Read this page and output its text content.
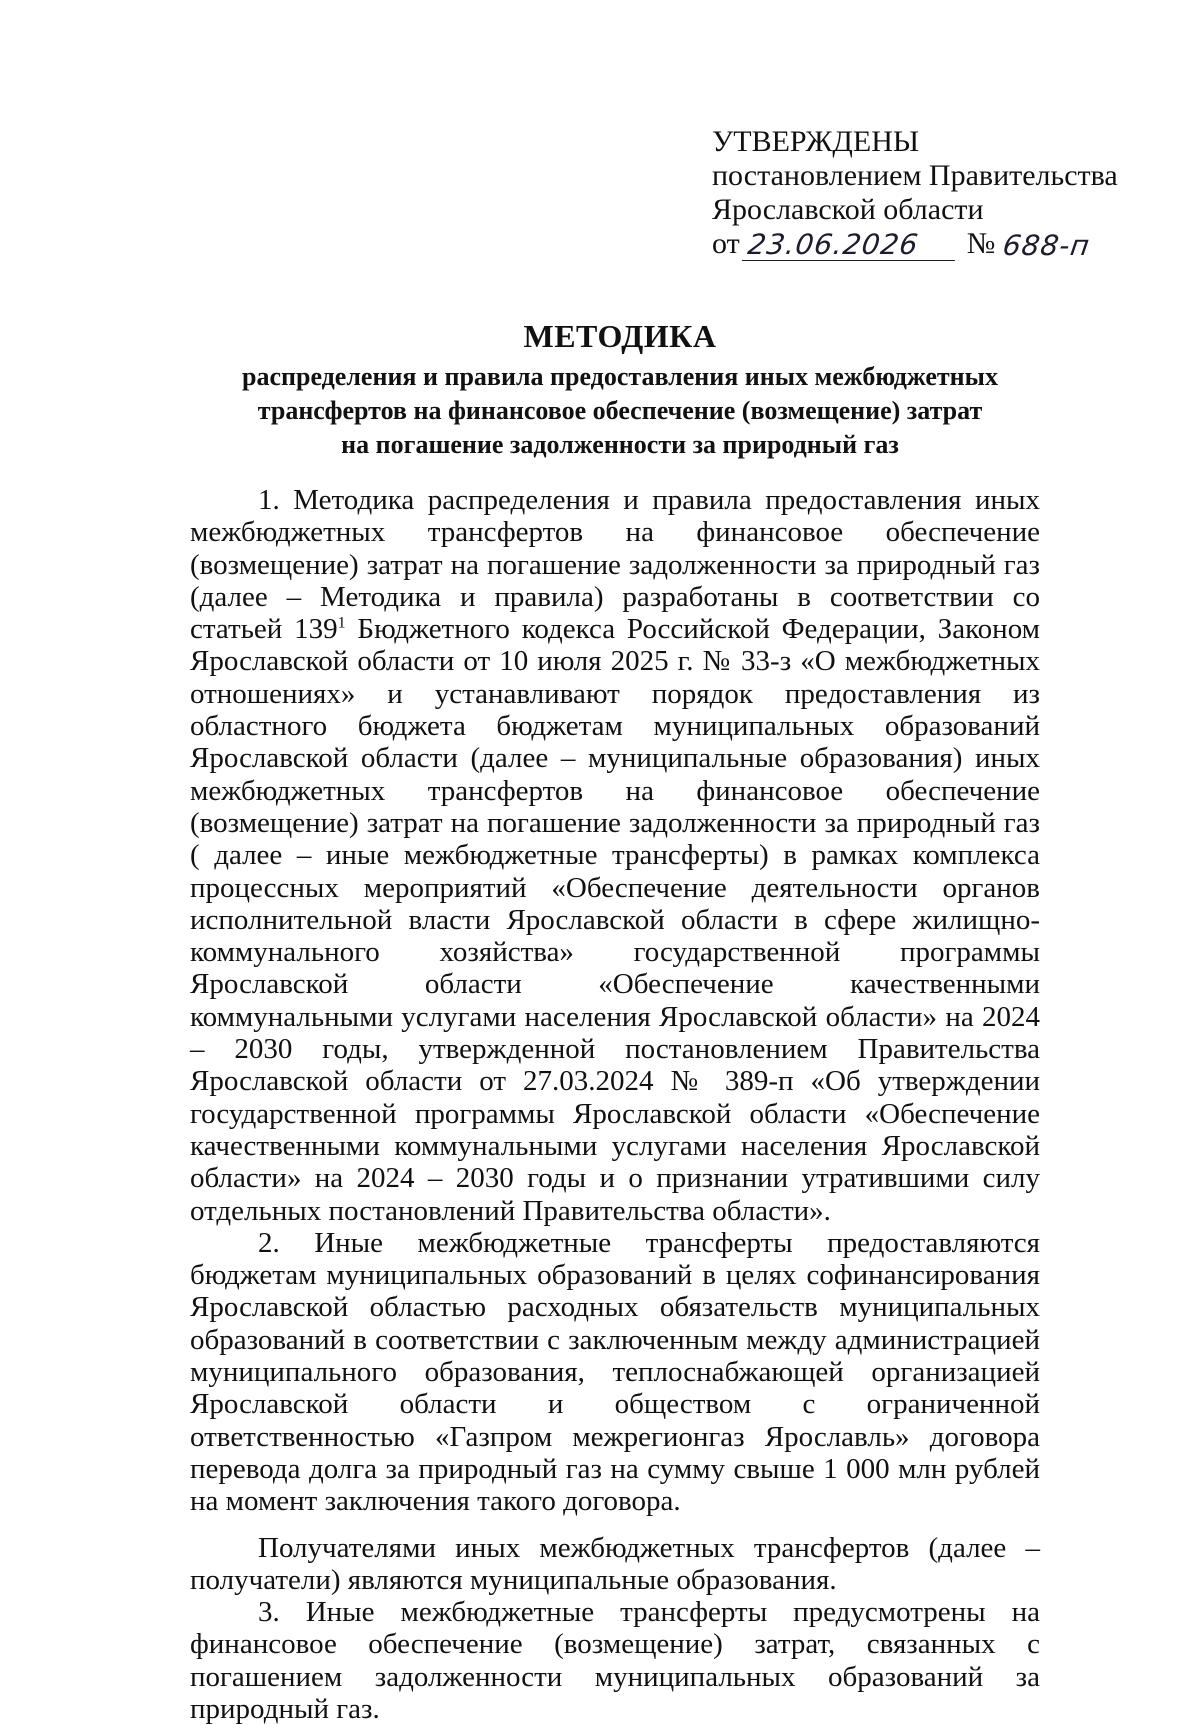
УТВЕРЖДЕНЫ
постановлением Правительства
Ярославской области
от 23.06.2026	№ 688-п
МЕТОДИКА
распределения и правила предоставления иных межбюджетных
трансфертов на финансовое обеспечение (возмещение) затрат
на погашение задолженности за природный газ

1. Методика распределения и правила предоставления иных межбюджетных трансфертов на финансовое обеспечение (возмещение) затрат на погашение задолженности за природный газ (далее – Методика и правила) разработаны в соответствии со статьей $139^1$ Бюджетного кодекса Российской Федерации, Законом Ярославской области от 10 июля 2025 г. № 33-з «О межбюджетных отношениях» и устанавливают порядок предоставления из областного бюджета бюджетам муниципальных образований Ярославской области (далее – муниципальные образования) иных межбюджетных трансфертов на финансовое обеспечение (возмещение) затрат на погашение задолженности за природный газ ( далее – иные межбюджетные трансферты) в рамках комплекса процессных мероприятий «Обеспечение деятельности органов исполнительной власти Ярославской области в сфере жилищно-коммунального хозяйства» государственной программы Ярославской области «Обеспечение качественными коммунальными услугами населения Ярославской области» на 2024 – 2030 годы, утвержденной постановлением Правительства Ярославской области от 27.03.2024 № 389-п «Об утверждении государственной программы Ярославской области «Обеспечение качественными коммунальными услугами населения Ярославской области» на 2024 – 2030 годы и о признании утратившими силу отдельных постановлений Правительства области».

2. Иные межбюджетные трансферты предоставляются бюджетам муниципальных образований в целях софинансирования Ярославской областью расходных обязательств муниципальных образований в соответствии с заключенным между администрацией муниципального образования, теплоснабжающей организацией Ярославской области и обществом с ограниченной ответственностью «Газпром межрегионгаз Ярославль» договора перевода долга за природный газ на сумму свыше 1 000 млн рублей на момент заключения такого договора.

Получателями иных межбюджетных трансфертов (далее – получатели) являются муниципальные образования.

3. Иные межбюджетные трансферты предусмотрены на финансовое обеспечение (возмещение) затрат, связанных с погашением задолженности муниципальных образований за природный газ.
